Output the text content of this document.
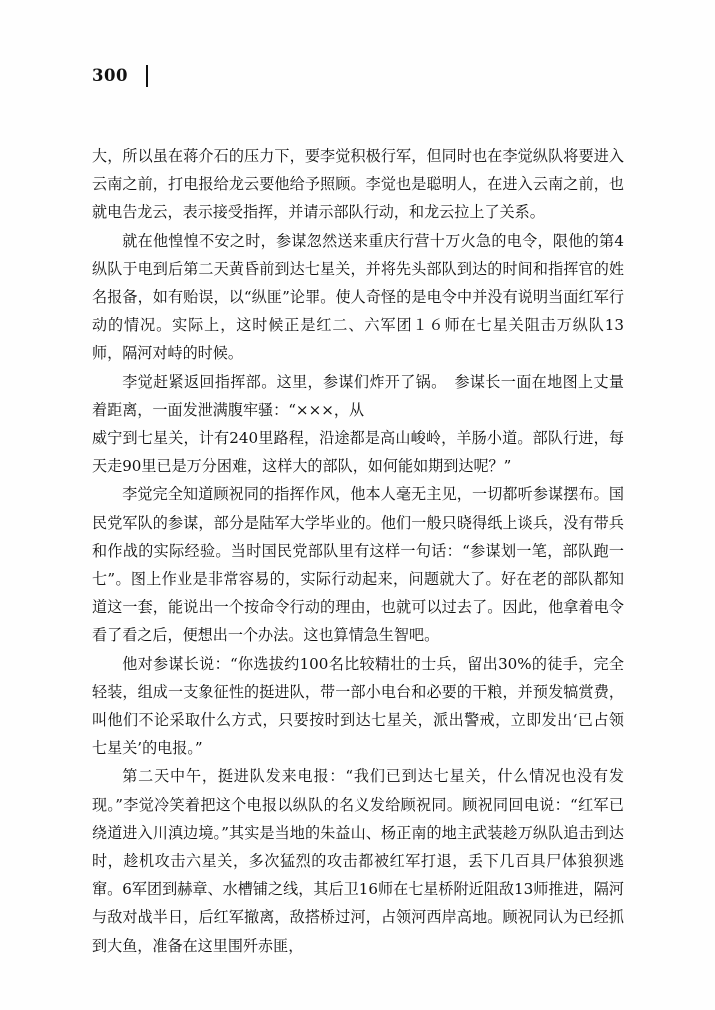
300

大，所以虽在蒋介石的压力下，要李觉积极行军，但同时也在李觉纵队将要进入云南之前，打电报给龙云要他给予照顾。李觉也是聪明人，在进入云南之前，也就电告龙云，表示接受指挥，并请示部队行动，和龙云拉上了关系。

就在他惶惶不安之时，参谋忽然送来重庆行营十万火急的电令，限他的第4纵队于电到后第二天黄昏前到达七星关，并将先头部队到达的时间和指挥官的姓名报备，如有贻误，以“纵匪”论罪。使人奇怪的是电令中并没有说明当面红军行动的情况。实际上，这时候正是红二、六军团１６师在七星关阻击万纵队13师，隔河对峙的时候。

李觉赶紧返回指挥部。这里，参谋们炸开了锅。　参谋长一面在地图上丈量着距离，一面发泄满腹牢骚：“×××，从

威宁到七星关，计有240里路程，沿途都是高山峻岭，羊肠小道。部队行进，每天走90里已是万分困难，这样大的部队，如何能如期到达呢？”

李觉完全知道顾祝同的指挥作风，他本人毫无主见，一切都听参谋摆布。国民党军队的参谋，部分是陆军大学毕业的。他们一般只晓得纸上谈兵，没有带兵和作战的实际经验。当时国民党部队里有这样一句话：“参谋划一笔，部队跑一七”。图上作业是非常容易的，实际行动起来，问题就大了。好在老的部队都知道这一套，能说出一个按命令行动的理由，也就可以过去了。因此，他拿着电令看了看之后，便想出一个办法。这也算情急生智吧。

他对参谋长说：“你选拔约100名比较精壮的士兵，留出30%的徒手，完全轻装，组成一支象征性的挺进队，带一部小电台和必要的干粮，并预发犒赏费，叫他们不论采取什么方式，只要按时到达七星关，派出警戒，立即发出‘已占领七星关’的电报。”

第二天中午，挺进队发来电报：“我们已到达七星关，什么情况也没有发现。”李觉冷笑着把这个电报以纵队的名义发给顾祝同。顾祝同回电说：“红军已绕道进入川滇边境。”其实是当地的朱益山、杨正南的地主武装趁万纵队追击到达时，趁机攻击六星关，多次猛烈的攻击都被红军打退，丢下几百具尸体狼狈逃窜。6军团到赫章、水槽铺之线，其后卫16师在七星桥附近阻敌13师推进，隔河与敌对战半日，后红军撤离，敌搭桥过河，占领河西岸高地。顾祝同认为已经抓到大鱼，准备在这里围歼赤匪，
